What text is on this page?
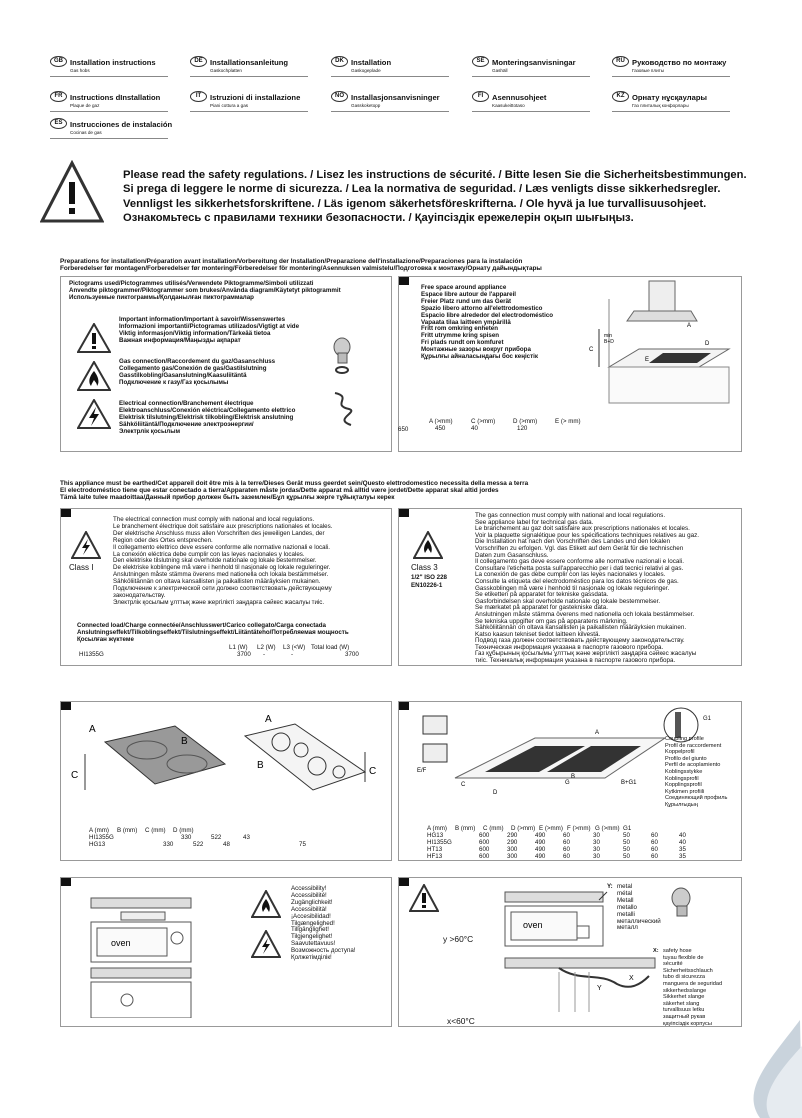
GB Installation instructions
Gas hobs
DE Installationsanleitung
Gaskochplatten
DK Installation
Gaskogeplade
SE Monteringsanvisningar
Gashäll
RU Руководство по монтажу
Газовые плиты
FR Instructions dInstallation
Plaque de gaz
IT	Istruzioni di installazione
Piani cottura a gas
NO Installasjonsanvisninger
Gasskoketopp
FI	Asennusohjeet
Kaasukeittotaso
KZ Орнату нұсқаулары
Газ плиталық конфорлары
ES Instrucciones de instalación
Cocinas de gas
Please read the safety regulations. / Lisez les instructions de sécurité. / Bitte lesen Sie die Sicherheitsbestimmungen.
Si prega di leggere le norme di sicurezza. / Lea la normativa de seguridad. / Læs venligts disse sikkerhedsregler.
Vennligst les sikkerhetsforskriftene. / Läs igenom säkerhetsföreskrifterna. / Ole hyvä ja lue turvallisuusohjeet.
Ознакомьтесь с правилами техники безопасности. / Қауіпсіздік ережелерін оқып шығыңыз.
Preparations for installation/Préparation avant installation/Vorbereitung der Installation/Preparazione dell'installazione/Preparaciones para la instalación
Forberedelser før montagen/Forberedelser før montering/Förberedelser för montering/Asennuksen valmistelu/Подготовка к монтажу/Орнату дайындықтары
Pictograms used/Pictogrammes utilisés/Verwendete Piktogramme/Simboli utilizzati
Anvendte piktogrammer/Piktogrammer som brukes/Använda diagram/Käytetyt piktogrammit
Используемые пиктограммы/Қолданылған пиктограммалар
Important information/Important à savoir/Wissenswertes
Informazioni importanti/Pictogramas utilizados/Vigtigt at vide
Viktig informasjon/Viktig information/Tärkeää tietoa
Важная информация/Маңызды ақпарат
Gas connection/Raccordement du gaz/Gasanschluss
Collegamento gas/Conexión de gas/Gastilslutning
Gasstilkobling/Gasanslutning/Kaasuliitäntä
Подключение к газу/Газ қосылымы
Electrical connection/Branchement électrique
Elektroanschluss/Conexión eléctrica/Collegamento elettrico
Elektrisk tilslutning/Elektrisk tilkobling/Elektrisk anslutning
Sähköliitäntä/Подключение электроэнергии/
Электрлік қосылым
Free space around appliance
Espace libre autour de l'appareil
Freier Platz rund um das Gerät
Spazio libero attorno all'elettrodomestico
Espacio libre alrededor del electrodoméstico
Vapaata tilaa laitteen ympärillä
Fritt rom omkring enheten
Fritt utrymme kring spisen
Fri plads rundt om komfuret
Монтажные зазоры вокруг прибора
Құрылғы айналасындағы бос кеңістік
min
B+D
A
C
D
E
650
A (>mm)	C (>mm)	D (>mm)	E (> mm)
450	40	120
This appliance must be earthed/Cet appareil doit être mis à la terre/Dieses Gerät muss geerdet sein/Questo elettrodomestico necessita della messa a terra
El electrodoméstico tiene que estar conectado a tierra/Apparaten måste jordas/Dette apparat må alltid være jordet/Dette apparat skal altid jordes
Tämä laite tulee maadoittaa/Данный прибор должен быть заземлен/Бұл құрылғы жерге тұйықталуы керек
Class I
The electrical connection must comply with national and local regulations.
Le branchement électrique doit satisfaire aux prescriptions nationales et locales.
Der elektrische Anschluss muss allen Vorschriften des jeweiligen Landes, der
Region oder des Ortes entsprechen.
Il collegamento elettrico deve essere conforme alle normative nazionali e locali.
La conexión eléctrica debe cumplir con las leyes nacionales y locales.
Den elektriske tilslutning skal overholde nationale og lokale bestemmelser.
De elektriske koblingene må være i henhold til nasjonale og lokale reguleringer.
Anslutningen måste stämma överens med nationella och lokala bestämmelser.
Sähköliitännän on oltava kansallisten ja paikallisten määräyksien mukainen.
Подключение к электрической сети должно соответствовать действующему
законодательству.
Электрлік қосылым ұлттық және жергілікті заңдарға сәйкес жасалуы тиіс.
Connected load/Charge connectée/Anschlusswert/Carico collegato/Carga conectada
Anslutningseffekt/Tilkoblingseffekt/Tilslutningseffekt/Liitäntäteho/Потребляемая мощность
Қосылған жүктеме
L1 (W) L2 (W) L3 (<W) Total load (W)
HI1355G	3700 -	-	3700
Class 3
1/2" ISO 228
EN10226-1
The gas connection must comply with national and local regulations.
See appliance label for technical gas data.
Le branchement au gaz doit satisfaire aux prescriptions nationales et locales.
Voir la plaquette signalétique pour les spécifications techniques relatives au gaz.
Die Installation hat nach den Vorschriften des Landes und den lokalen
Vorschriften zu erfolgen. Vgl. das Etikett auf dem Gerät für die technischen
Daten zum Gasanschluss.
Il collegamento gas deve essere conforme alle normative nazionali e locali.
Consultare l'etichetta posta sull'apparecchio per i dati tecnici relativi al gas.
La conexión de gas debe cumplir con las leyes nacionales y locales.
Consulte la etiqueta del electrodoméstico para los datos técnicos de gas.
Gasskoblingen må være i henhold til nasjonale og lokale reguleringer.
Se etiketten på apparatet for tekniske gassdata.
Gasforbindelsen skal overholde nationale og lokale bestemmelser.
Se mærkatet på apparatet for gastekniske data.
Anslutningen måste stämma överens med nationella och lokala bestämmelser.
Se tekniska uppgifter om gas på apparatens märkning.
Sähköliitännän on oltava kansallisten ja paikallisten määräyksien mukainen.
Katso kaasun tekniset tiedot laitteen kilvestä.
Подвод газа должен соответствовать действующему законодательству.
Техническая информация указана в паспорте газового прибора.
Газ құбырының қосылымы ұлттық және жергілікті заңдарға сәйкес жасалуы
тиіс. Техникалық информация указана в паспорте газового прибора.
A
B
C
A
B
C
A (mm) B (mm) C (mm) D (mm)
HI1355G	330	522	43
HG13	330	522	48	75
E/F
A
B
C
D
G	B+G1
G1
Coupling profile
Profil de raccordement
Koppelprofil
Profilo del giunto
Perfil de acoplamiento
Koblingsstykke
Koblingsprofil
Kopplingsprofil
Kytkimen profiili
Соединяющий профиль
Құрылғыдың
A (mm) B (mm) C (mm) D (>mm) E (>mm) F (>mm) G (>mm) G1
HG13	600	290	490	60	30	50	60	40
HI1355G	600	290	490	60	30	50	60	40
HT13	600	300	490	60	30	50	60	35
HF13	600	300	490	60	30	50	60	35
oven
Accessibility!
Accessibilité!
Zugänglichkeit!
Accessibilità!
¡Accesibilidad!
Tilgængelighed!
Tillgänglighet!
Tilgjengelighet!
Saavutettavuus!
Возможность доступа!
Қолжетімділік!
oven
Y
X
y >60°C
x<60°C
Y: metal
métal
Metall
metallo
metalli
металлический
металл
X: safety hose
tuyau flexible de
sécurité
Sicherheitsschlauch
tubo di sicurezza
manguera de seguridad
sikkerhedsslange
Sikkerhet slange
säkerhet slang
turvallisuus letku
защитный рукав
қауіпсіздік корпусы
